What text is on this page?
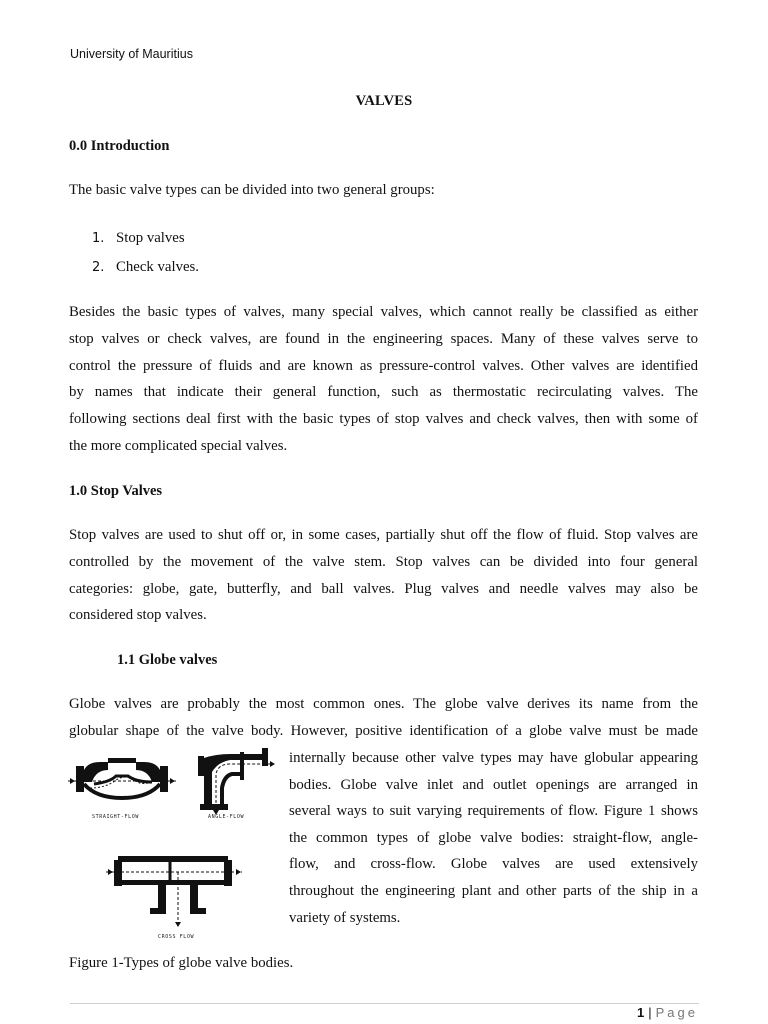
University of Mauritius
VALVES
0.0 Introduction
The basic valve types can be divided into two general groups:
1. Stop valves
2. Check valves.
Besides the basic types of valves, many special valves, which cannot really be classified as either
stop valves or check valves, are found in the engineering spaces. Many of these valves serve to
control the pressure of fluids and are known as pressure-control valves. Other valves are identified
by names that indicate their general function, such as thermostatic recirculating valves. The
following sections deal first with the basic types of stop valves and check valves, then with some of
the more complicated special valves.
1.0 Stop Valves
Stop valves are used to shut off or, in some cases, partially shut off the flow of fluid. Stop valves are
controlled by the movement of the valve stem. Stop valves can be divided into four general
categories: globe, gate, butterfly, and ball valves. Plug valves and needle valves may also be
considered stop valves.
1.1 Globe valves
Globe valves are probably the most common ones. The globe valve derives its name from the
globular shape of the valve body. However, positive identification of a globe valve must be made
internally because other valve types may have globular appearing
bodies. Globe valve inlet and outlet openings are arranged in
several ways to suit varying requirements of flow. Figure 1 shows
the common types of globe valve bodies: straight-flow, angle-
flow, and cross-flow. Globe valves are used extensively
throughout the engineering plant and other parts of the ship in a
variety of systems.
STRAIGHT-FLOW	ANGLE-FLOW
CROSS FLOW
Figure 1-Types of globe valve bodies.
1 | Page
